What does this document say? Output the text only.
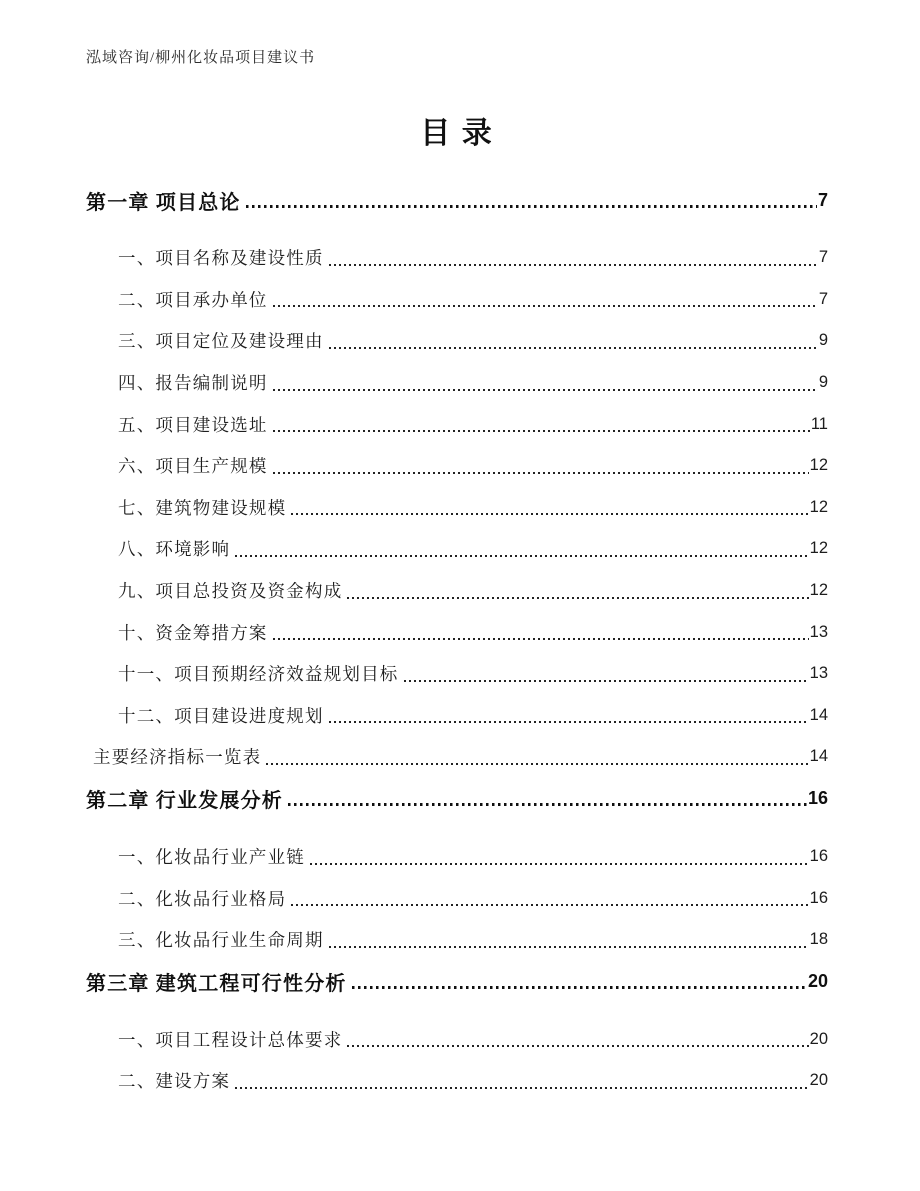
泓域咨询/柳州化妆品项目建议书
目 录
第一章 项目总论	7
一、项目名称及建设性质	7
二、项目承办单位	7
三、项目定位及建设理由	9
四、报告编制说明	9
五、项目建设选址	11
六、项目生产规模	12
七、建筑物建设规模	12
八、环境影响	12
九、项目总投资及资金构成	12
十、资金筹措方案	13
十一、项目预期经济效益规划目标	13
十二、项目建设进度规划	14
主要经济指标一览表	14
第二章 行业发展分析	16
一、化妆品行业产业链	16
二、化妆品行业格局	16
三、化妆品行业生命周期	18
第三章 建筑工程可行性分析	20
一、项目工程设计总体要求	20
二、建设方案	20
